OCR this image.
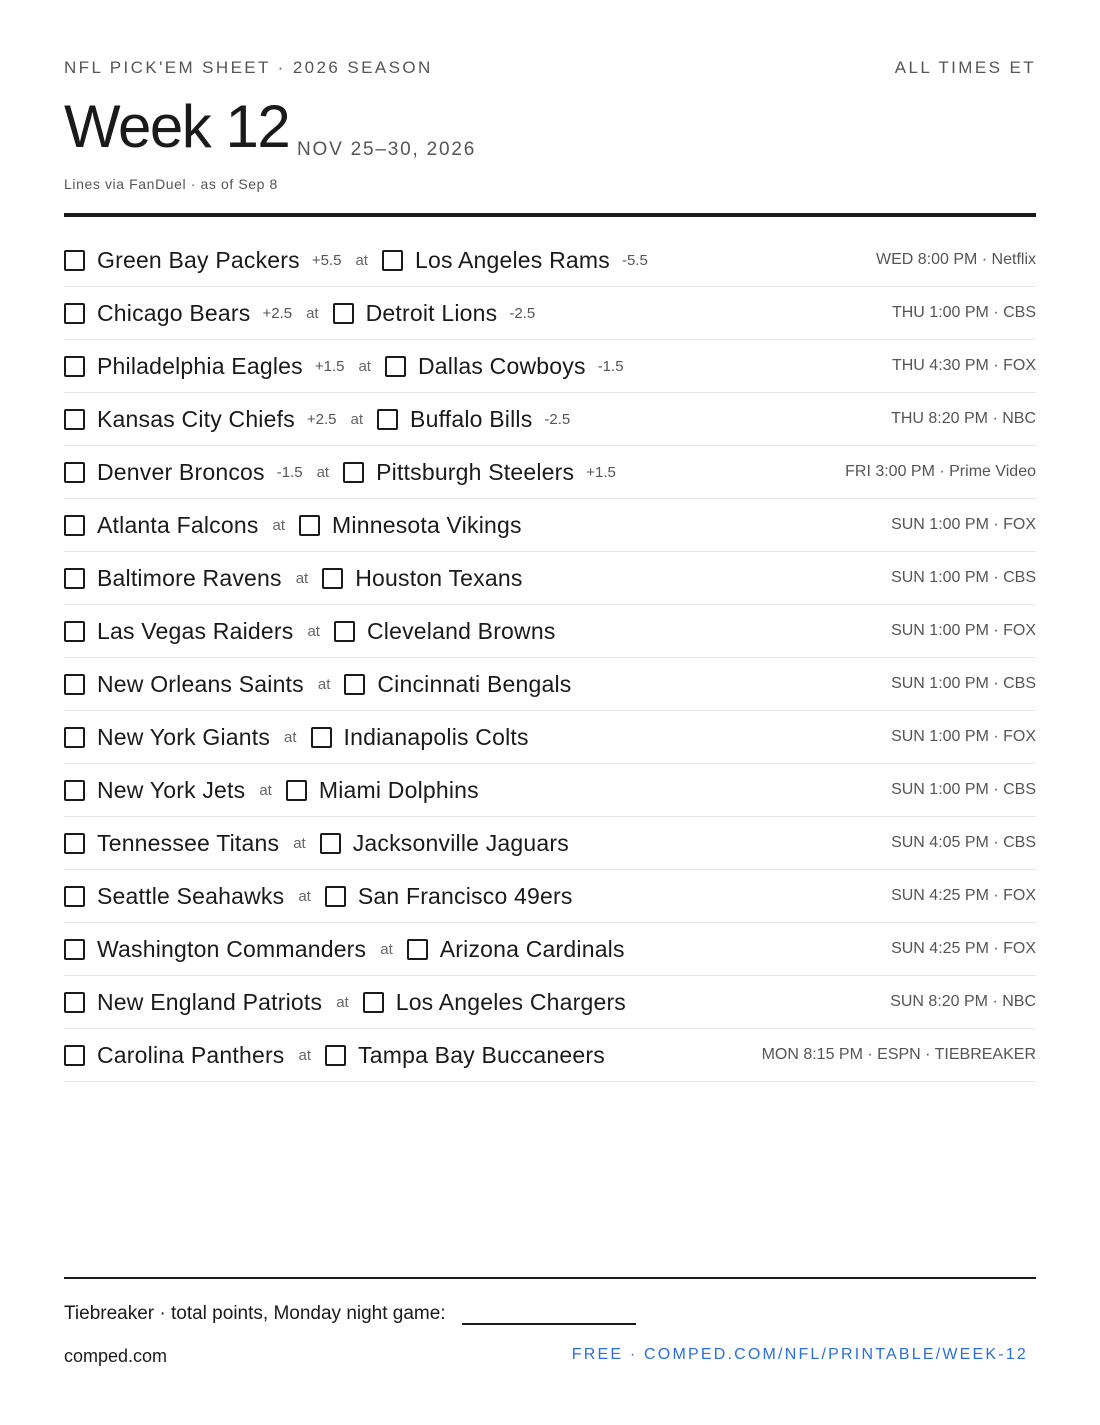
NFL PICK'EM SHEET · 2026 SEASON	ALL TIMES ET
Week 12 NOV 25–30, 2026
Lines via FanDuel · as of Sep 8
Green Bay Packers +5.5 at Los Angeles Rams -5.5	WED 8:00 PM · Netflix
Chicago Bears +2.5 at Detroit Lions -2.5	THU 1:00 PM · CBS
Philadelphia Eagles +1.5 at Dallas Cowboys -1.5	THU 4:30 PM · FOX
Kansas City Chiefs +2.5 at Buffalo Bills -2.5	THU 8:20 PM · NBC
Denver Broncos -1.5 at Pittsburgh Steelers +1.5	FRI 3:00 PM · Prime Video
Atlanta Falcons at Minnesota Vikings	SUN 1:00 PM · FOX
Baltimore Ravens at Houston Texans	SUN 1:00 PM · CBS
Las Vegas Raiders at Cleveland Browns	SUN 1:00 PM · FOX
New Orleans Saints at Cincinnati Bengals	SUN 1:00 PM · CBS
New York Giants at Indianapolis Colts	SUN 1:00 PM · FOX
New York Jets at Miami Dolphins	SUN 1:00 PM · CBS
Tennessee Titans at Jacksonville Jaguars	SUN 4:05 PM · CBS
Seattle Seahawks at San Francisco 49ers	SUN 4:25 PM · FOX
Washington Commanders at Arizona Cardinals	SUN 4:25 PM · FOX
New England Patriots at Los Angeles Chargers	SUN 8:20 PM · NBC
Carolina Panthers at Tampa Bay Buccaneers	MON 8:15 PM · ESPN · TIEBREAKER
Tiebreaker · total points, Monday night game:
comped.com	FREE · COMPED.COM/NFL/PRINTABLE/WEEK-12
